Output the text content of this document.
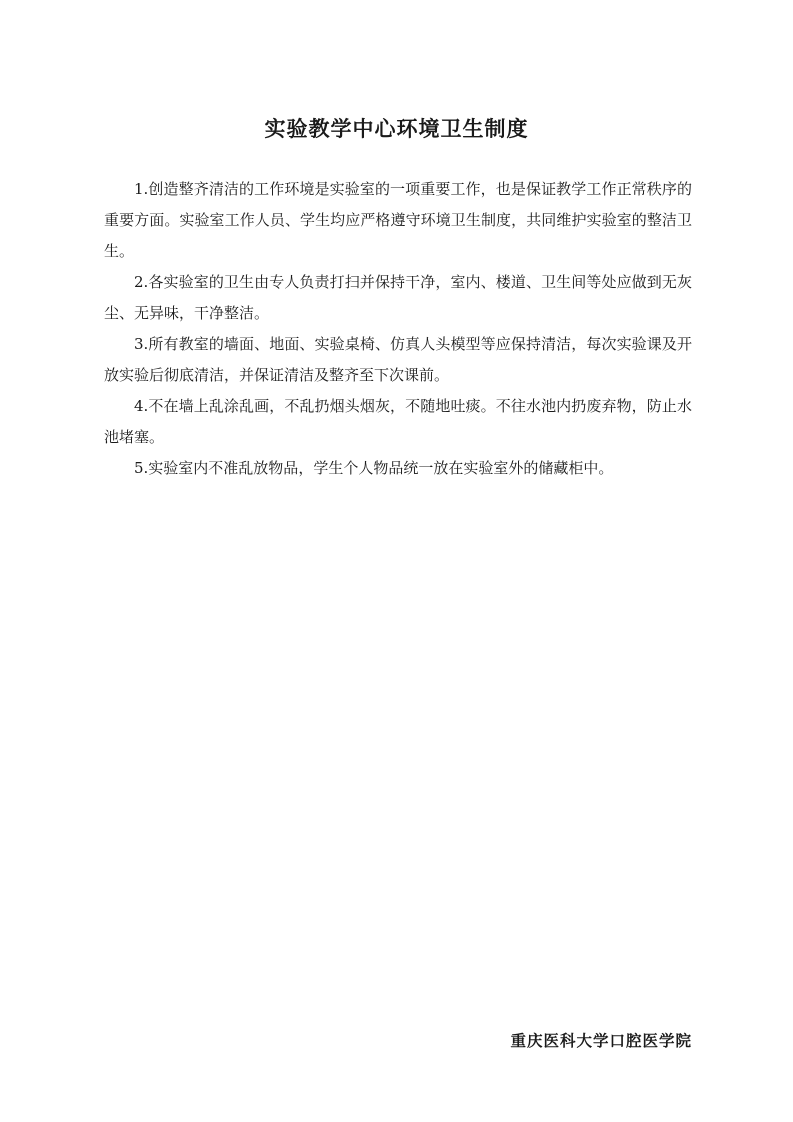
实验教学中心环境卫生制度

1.创造整齐清洁的工作环境是实验室的一项重要工作，也是保证教学工作正常秩序的重要方面。实验室工作人员、学生均应严格遵守环境卫生制度，共同维护实验室的整洁卫生。

2.各实验室的卫生由专人负责打扫并保持干净，室内、楼道、卫生间等处应做到无灰尘、无异味，干净整洁。

3.所有教室的墙面、地面、实验桌椅、仿真人头模型等应保持清洁，每次实验课及开放实验后彻底清洁，并保证清洁及整齐至下次课前。

4.不在墙上乱涂乱画，不乱扔烟头烟灰，不随地吐痰。不往水池内扔废弃物，防止水池堵塞。

5.实验室内不准乱放物品，学生个人物品统一放在实验室外的储藏柜中。

重庆医科大学口腔医学院
